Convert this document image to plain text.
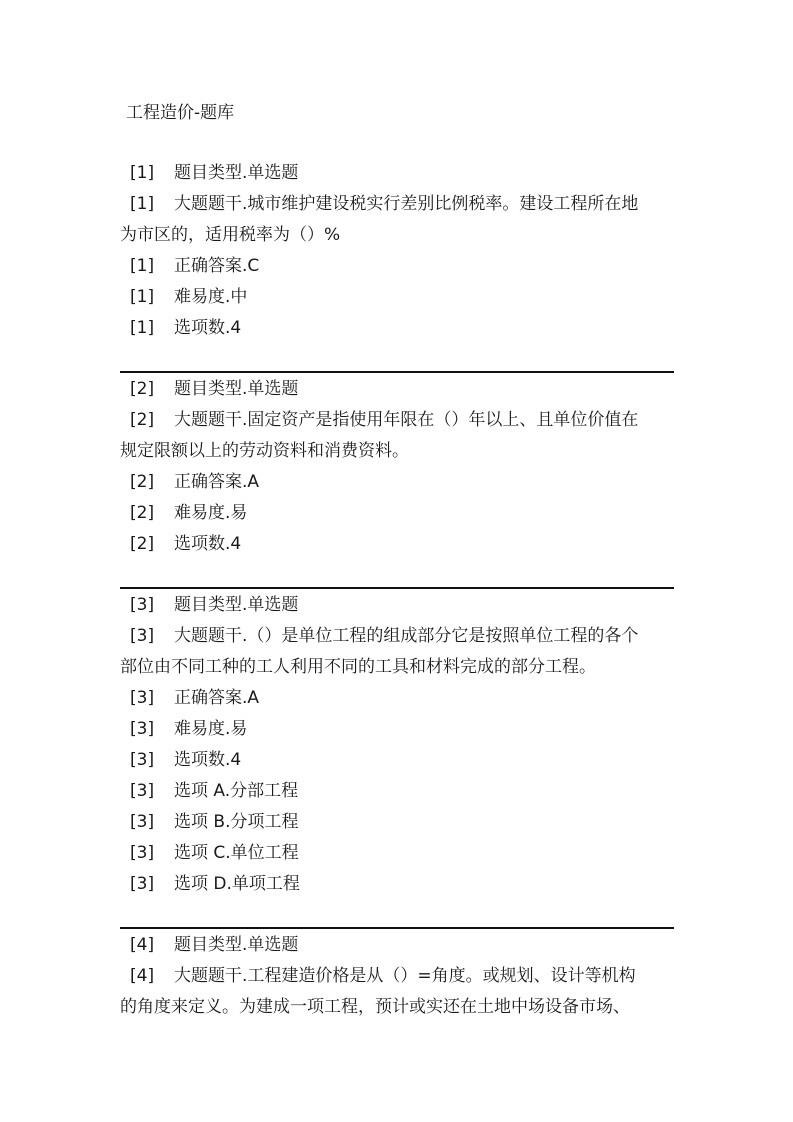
工程造价-题库
[1] 题目类型.单选题
[1] 大题题干.城市维护建设税实行差别比例税率。建设工程所在地
为市区的，适用税率为（）%
[1] 正确答案.C
[1] 难易度.中
[1] 选项数.4
[2] 题目类型.单选题
[2] 大题题干.固定资产是指使用年限在（）年以上、且单位价值在
规定限额以上的劳动资料和消费资料。
[2] 正确答案.A
[2] 难易度.易
[2] 选项数.4
[3] 题目类型.单选题
[3] 大题题干.（）是单位工程的组成部分它是按照单位工程的各个
部位由不同工种的工人利用不同的工具和材料完成的部分工程。
[3] 正确答案.A
[3] 难易度.易
[3] 选项数.4
[3] 选项 A.分部工程
[3] 选项 B.分项工程
[3] 选项 C.单位工程
[3] 选项 D.单项工程
[4] 题目类型.单选题
[4] 大题题干.工程建造价格是从（）=角度。或规划、设计等机构
的角度来定义。为建成一项工程，预计或实还在土地中场设备市场、
